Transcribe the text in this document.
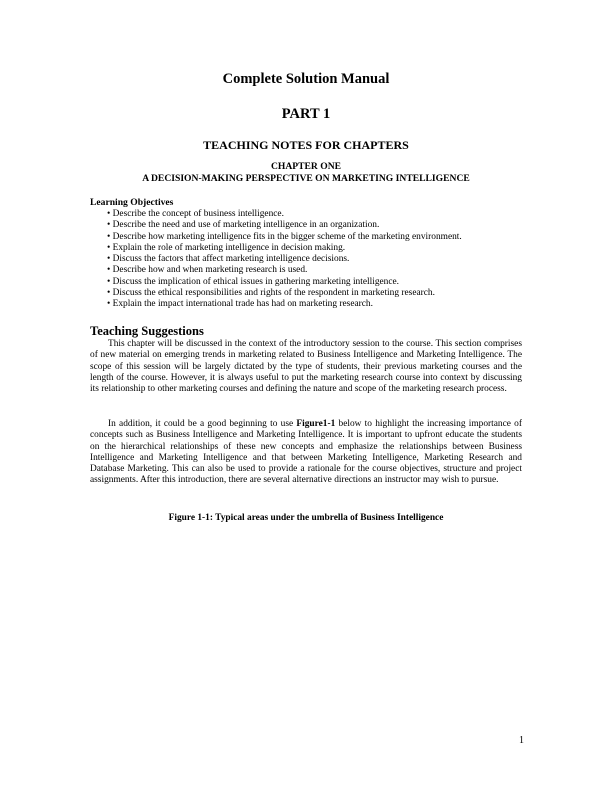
Complete Solution Manual
PART 1
TEACHING NOTES FOR CHAPTERS
CHAPTER ONE
A DECISION-MAKING PERSPECTIVE ON MARKETING INTELLIGENCE
Learning Objectives
• Describe the concept of business intelligence.
• Describe the need and use of marketing intelligence in an organization.
• Describe how marketing intelligence fits in the bigger scheme of the marketing environment.
• Explain the role of marketing intelligence in decision making.
• Discuss the factors that affect marketing intelligence decisions.
• Describe how and when marketing research is used.
• Discuss the implication of ethical issues in gathering marketing intelligence.
• Discuss the ethical responsibilities and rights of the respondent in marketing research.
• Explain the impact international trade has had on marketing research.
Teaching Suggestions

This chapter will be discussed in the context of the introductory session to the course. This section comprises of new material on emerging trends in marketing related to Business Intelligence and Marketing Intelligence. The scope of this session will be largely dictated by the type of students, their previous marketing courses and the length of the course. However, it is always useful to put the marketing research course into context by discussing its relationship to other marketing courses and defining the nature and scope of the marketing research process.

In addition, it could be a good beginning to use Figure1-1 below to highlight the increasing importance of concepts such as Business Intelligence and Marketing Intelligence. It is important to upfront educate the students on the hierarchical relationships of these new concepts and emphasize the relationships between Business Intelligence and Marketing Intelligence and that between Marketing Intelligence, Marketing Research and Database Marketing. This can also be used to provide a rationale for the course objectives, structure and project assignments. After this introduction, there are several alternative directions an instructor may wish to pursue.

Figure 1-1: Typical areas under the umbrella of Business Intelligence
1
